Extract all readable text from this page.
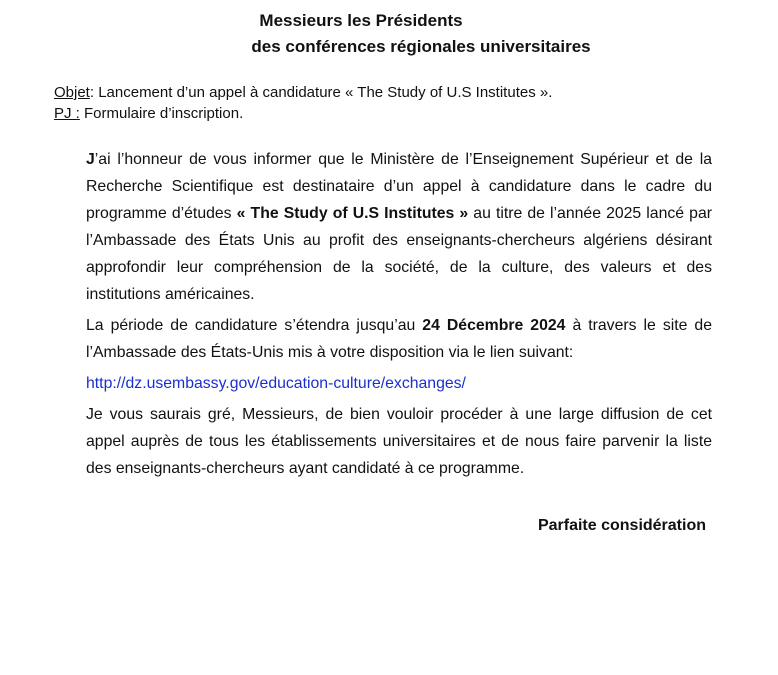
Messieurs les Présidents
des conférences régionales universitaires
Objet: Lancement d’un appel à candidature « The Study of U.S Institutes ».
PJ : Formulaire d’inscription.

J’ai l’honneur de vous informer que le Ministère de l’Enseignement Supérieur et de la Recherche Scientifique est destinataire d’un appel à candidature dans le cadre du programme d’études « The Study of U.S Institutes » au titre de l’année 2025 lancé par l’Ambassade des États Unis au profit des enseignants-chercheurs algériens désirant approfondir leur compréhension de la société, de la culture, des valeurs et des institutions américaines.

La période de candidature s’étendra jusqu’au 24 Décembre 2024 à travers le site de l’Ambassade des États-Unis mis à votre disposition via le lien suivant:

http://dz.usembassy.gov/education-culture/exchanges/

Je vous saurais gré, Messieurs, de bien vouloir procéder à une large diffusion de cet appel auprès de tous les établissements universitaires et de nous faire parvenir la liste des enseignants-chercheurs ayant candidaté à ce programme.

Parfaite considération
